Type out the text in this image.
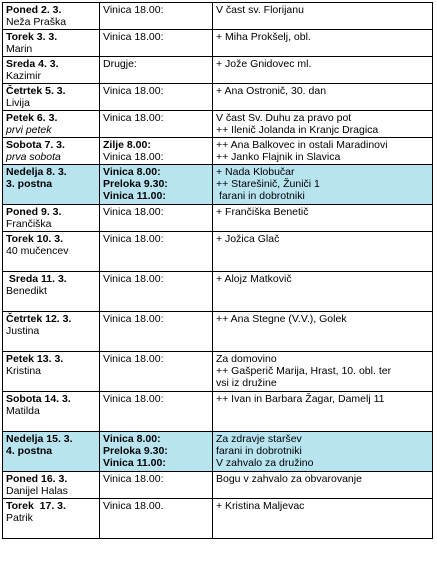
Poned 2. 3.
Neža Praška	Vinica 18.00:	V čast sv. Florijanu

Torek 3. 3.
Marin	Vinica 18.00:	+ Miha Prokšelj, obl.

Sreda 4. 3.
Kazimir	Drugje:	+ Jože Gnidovec ml.

Četrtek 5. 3.
Livija	Vinica 18.00:	+ Ana Ostronič, 30. dan

Petek 6. 3.
prvi petek	Vinica 18.00:	V čast Sv. Duhu za pravo pot
++ Ilenič Jolanda in Kranjc Dragica

Sobota 7. 3.
prva sobota	Zilje 8.00:
Vinica 18.00:	++ Ana Balkovec in ostali Maradinovi
++ Janko Flajnik in Slavica

Nedelja 8. 3.
3. postna	Vinica 8.00:
Preloka 9.30:
Vinica 11.00:	+ Nada Klobučar
++ Starešinič, Žuniči 1
farani in dobrotniki

Poned 9. 3.
Frančiška	Vinica 18.00:	+ Frančiška Benetič

Torek 10. 3.
40 mučencev	Vinica 18.00:	+ Jožica Glač

Sreda 11. 3.
Benedikt	Vinica 18.00:	+ Alojz Matkovič

Četrtek 12. 3.
Justina	Vinica 18.00:	++ Ana Stegne (V.V.), Golek

Petek 13. 3.
Kristina	Vinica 18.00:	Za domovino
++ Gašperič Marija, Hrast, 10. obl. ter
vsi iz družine

Sobota 14. 3.
Matilda	Vinica 18.00:	++ Ivan in Barbara Žagar, Damelj 11

Nedelja 15. 3.
4. postna	Vinica 8.00:
Preloka 9.30:
Vinica 11.00:	Za zdravje staršev
farani in dobrotniki
V zahvalo za družino

Poned 16. 3.
Danijel Halas	Vinica 18.00:	Bogu v zahvalo za obvarovanje

Torek  17. 3.
Patrik	Vinica 18.00.	+ Kristina Maljevac
